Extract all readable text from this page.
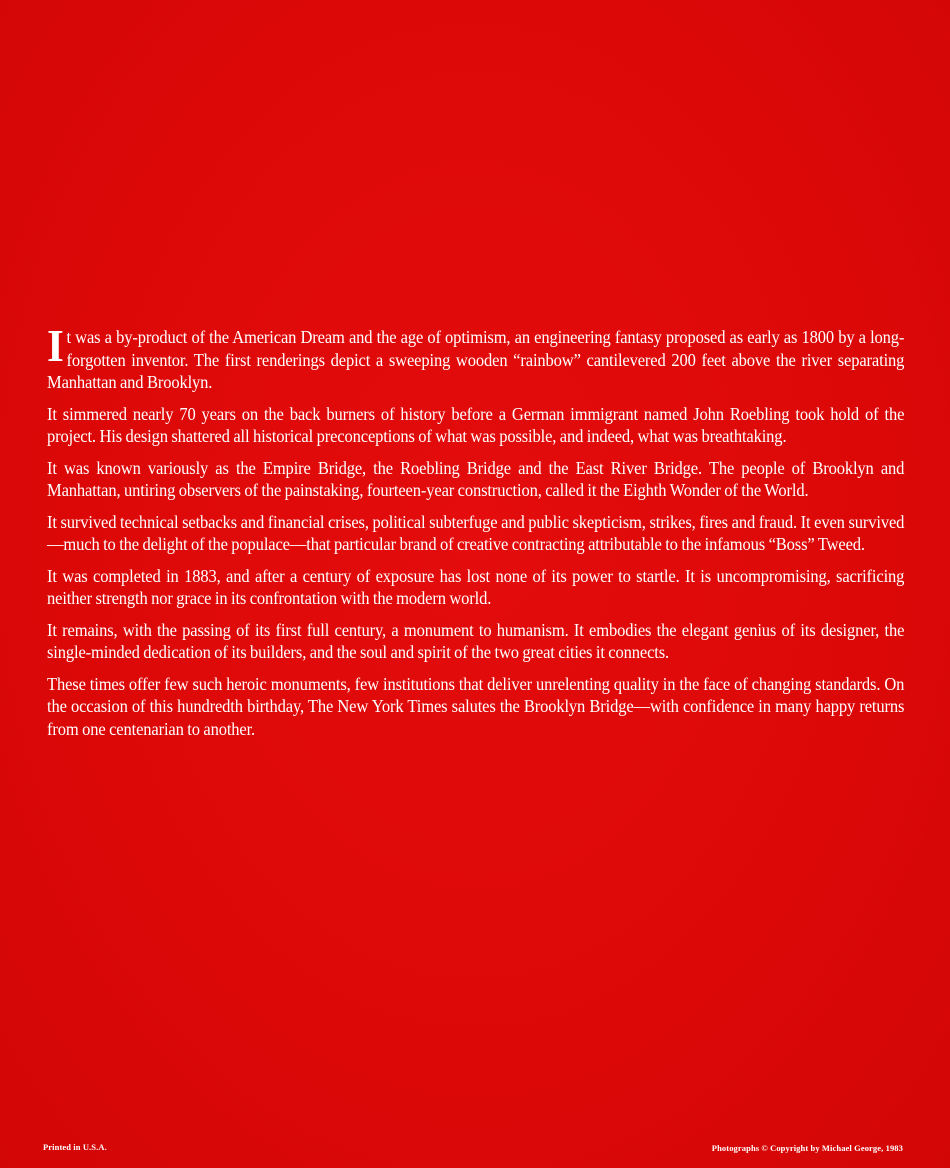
It was a by-product of the American Dream and the age of optimism, an engineering fantasy proposed as early as 1800 by a long-forgotten inventor. The first renderings depict a sweeping wooden “rainbow” cantilevered 200 feet above the river separating Manhattan and Brooklyn.

It simmered nearly 70 years on the back burners of history before a German immigrant named John Roebling took hold of the project. His design shattered all historical preconceptions of what was possible, and indeed, what was breathtaking.

It was known variously as the Empire Bridge, the Roebling Bridge and the East River Bridge. The people of Brooklyn and Manhattan, untiring observers of the painstaking, fourteen-year construction, called it the Eighth Wonder of the World.

It survived technical setbacks and financial crises, political subterfuge and public skepticism, strikes, fires and fraud. It even survived—much to the delight of the populace—that particular brand of creative contracting attributable to the infamous “Boss” Tweed.

It was completed in 1883, and after a century of exposure has lost none of its power to startle. It is uncompromising, sacrificing neither strength nor grace in its confrontation with the modern world.

It remains, with the passing of its first full century, a monument to humanism. It embodies the elegant genius of its designer, the single-minded dedication of its builders, and the soul and spirit of the two great cities it connects.

These times offer few such heroic monuments, few institutions that deliver unrelenting quality in the face of changing standards. On the occasion of this hundredth birthday, The New York Times salutes the Brooklyn Bridge—with confidence in many happy returns from one centenarian to another.

Printed in U.S.A.	Photographs © Copyright by Michael George, 1983
